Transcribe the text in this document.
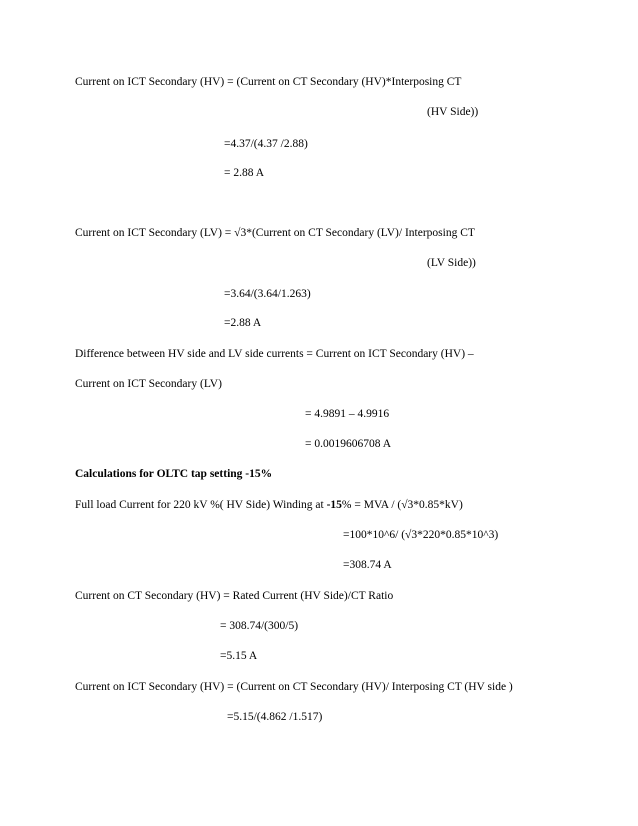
Current on ICT Secondary (HV) = (Current on CT Secondary (HV)*Interposing CT
(HV Side))
=4.37/(4.37 /2.88)
= 2.88 A
Current on ICT Secondary (LV) = √3*(Current on CT Secondary (LV)/ Interposing CT
(LV Side))
=3.64/(3.64/1.263)
=2.88 A
Difference between HV side and LV side currents = Current on ICT Secondary (HV) –
Current on ICT Secondary (LV)
= 4.9891 – 4.9916
= 0.0019606708 A
Calculations for OLTC tap setting -15%
Full load Current for 220 kV %( HV Side) Winding at -15% = MVA / (√3*0.85*kV)
=100*10^6/ (√3*220*0.85*10^3)
=308.74 A
Current on CT Secondary (HV) = Rated Current (HV Side)/CT Ratio
= 308.74/(300/5)
=5.15 A
Current on ICT Secondary (HV) = (Current on CT Secondary (HV)/ Interposing CT (HV side )
=5.15/(4.862 /1.517)
